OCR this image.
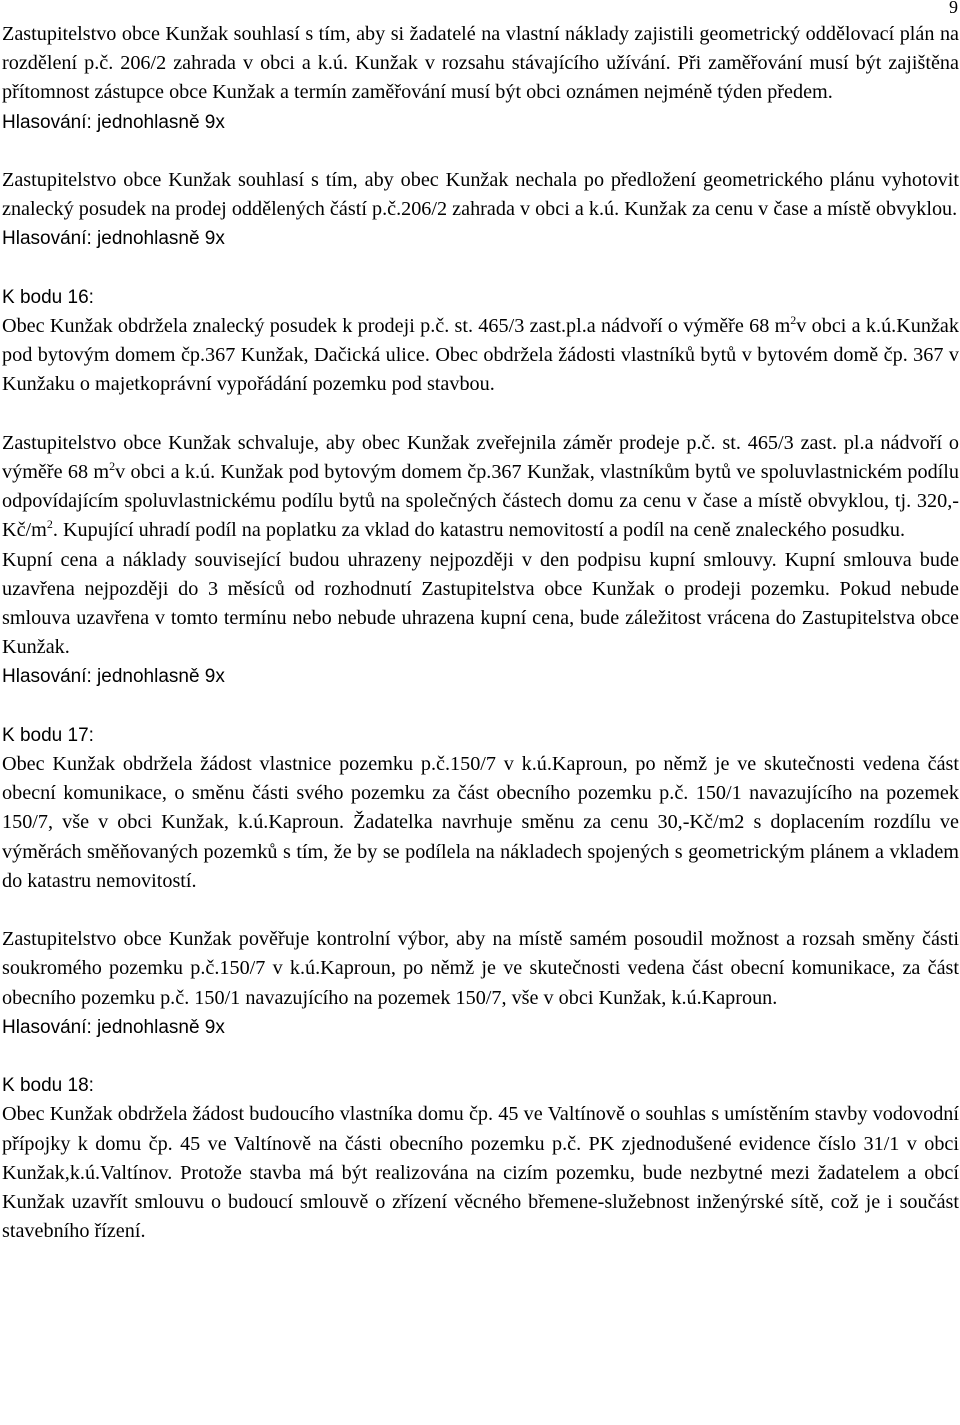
9

Zastupitelstvo obce Kunžak souhlasí s tím, aby si žadatelé na vlastní náklady zajistili geometrický oddělovací plán na rozdělení p.č. 206/2 zahrada v obci a k.ú. Kunžak v rozsahu stávajícího užívání. Při zaměřování musí být zajištěna přítomnost zástupce obce Kunžak a termín zaměřování musí být obci oznámen nejméně týden předem.

Hlasování: jednohlasně 9x

Zastupitelstvo obce Kunžak souhlasí s tím, aby obec Kunžak nechala po předložení geometrického plánu vyhotovit znalecký posudek na prodej oddělených částí p.č.206/2 zahrada v obci a k.ú. Kunžak za cenu v čase a místě obvyklou.

Hlasování: jednohlasně 9x

K bodu 16:

Obec Kunžak obdržela znalecký posudek k prodeji p.č. st. 465/3 zast.pl.a nádvoří o výměře 68 $m^2v$ obci a k.ú.Kunžak pod bytovým domem čp.367 Kunžak, Dačická ulice. Obec obdržela žádosti vlastníků bytů v bytovém domě čp. 367 v Kunžaku o majetkoprávní vypořádání pozemku pod stavbou.

Zastupitelstvo obce Kunžak schvaluje, aby obec Kunžak zveřejnila záměr prodeje p.č. st. 465/3 zast. pl.a nádvoří o výměře 68 $m^2v$ obci a k.ú. Kunžak pod bytovým domem čp.367 Kunžak, vlastníkům bytů ve spoluvlastnickém podílu odpovídajícím spoluvlastnickému podílu bytů na společných částech domu za cenu v čase a místě obvyklou, tj. $320,-Kč/m^2$. Kupující uhradí podíl na poplatku za vklad do katastru nemovitostí a podíl na ceně znaleckého posudku.

Kupní cena a náklady související budou uhrazeny nejpozději v den podpisu kupní smlouvy. Kupní smlouva bude uzavřena nejpozději do 3 měsíců od rozhodnutí Zastupitelstva obce Kunžak o prodeji pozemku. Pokud nebude smlouva uzavřena v tomto termínu nebo nebude uhrazena kupní cena, bude záležitost vrácena do Zastupitelstva obce Kunžak.

Hlasování: jednohlasně 9x

K bodu 17:

Obec Kunžak obdržela žádost vlastnice pozemku p.č.150/7 v k.ú.Kaproun, po němž je ve skutečnosti vedena část obecní komunikace, o směnu části svého pozemku za část obecního pozemku p.č. 150/1 navazujícího na pozemek 150/7, vše v obci Kunžak, k.ú.Kaproun. Žadatelka navrhuje směnu za cenu 30,-Kč/m2 s doplacením rozdílu ve výměrách směňovaných pozemků s tím, že by se podílela na nákladech spojených s geometrickým plánem a vkladem do katastru nemovitostí.

Zastupitelstvo obce Kunžak pověřuje kontrolní výbor, aby na místě samém posoudil možnost a rozsah směny části soukromého pozemku p.č.150/7 v k.ú.Kaproun, po němž je ve skutečnosti vedena část obecní komunikace, za část obecního pozemku p.č. 150/1 navazujícího na pozemek 150/7, vše v obci Kunžak, k.ú.Kaproun.

Hlasování: jednohlasně 9x

K bodu 18:

Obec Kunžak obdržela žádost budoucího vlastníka domu čp. 45 ve Valtínově o souhlas s umístěním stavby vodovodní přípojky k domu čp. 45 ve Valtínově na části obecního pozemku p.č. PK zjednodušené evidence číslo 31/1 v obci Kunžak,k.ú.Valtínov. Protože stavba má být realizována na cizím pozemku, bude nezbytné mezi žadatelem a obcí Kunžak uzavřít smlouvu o budoucí smlouvě o zřízení věcného břemene-služebnost inženýrské sítě, což je i součást stavebního řízení.
